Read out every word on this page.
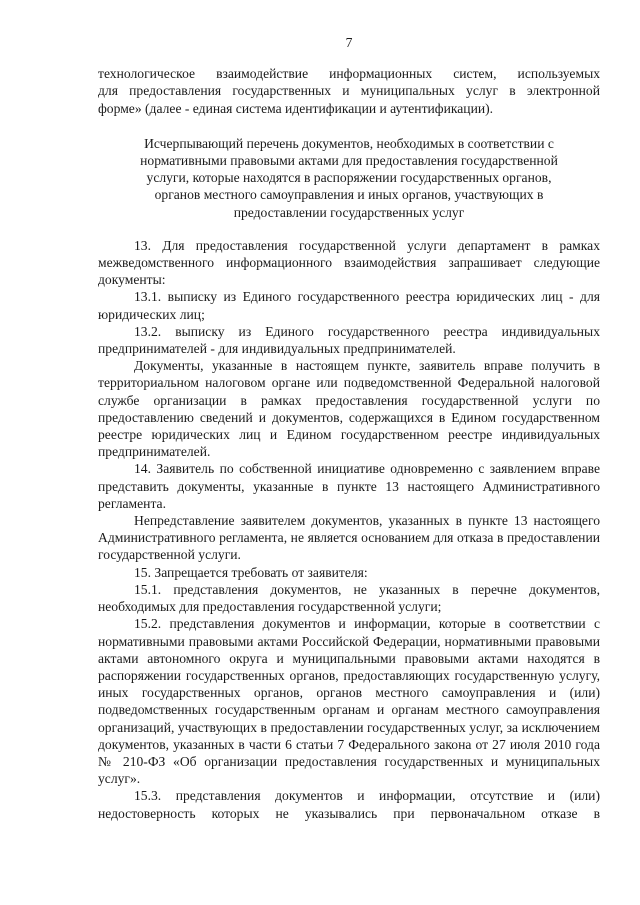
7

технологическое взаимодействие информационных систем, используемых
для предоставления государственных и муниципальных услуг в электронной
форме» (далее - единая система идентификации и аутентификации).

Исчерпывающий перечень документов, необходимых в соответствии с
нормативными правовыми актами для предоставления государственной
услуги, которые находятся в распоряжении государственных органов,
органов местного самоуправления и иных органов, участвующих в
предоставлении государственных услуг

13. Для предоставления государственной услуги департамент в рамках межведомственного информационного взаимодействия запрашивает следующие документы:

13.1. выписку из Единого государственного реестра юридических лиц - для юридических лиц;

13.2. выписку из Единого государственного реестра индивидуальных предпринимателей - для индивидуальных предпринимателей.

Документы, указанные в настоящем пункте, заявитель вправе получить в территориальном налоговом органе или подведомственной Федеральной налоговой службе организации в рамках предоставления государственной услуги по предоставлению сведений и документов, содержащихся в Едином государственном реестре юридических лиц и Едином государственном реестре индивидуальных предпринимателей.

14. Заявитель по собственной инициативе одновременно с заявлением вправе представить документы, указанные в пункте 13 настоящего Административного регламента.

Непредставление заявителем документов, указанных в пункте 13 настоящего Административного регламента, не является основанием для отказа в предоставлении государственной услуги.

15. Запрещается требовать от заявителя:

15.1. представления документов, не указанных в перечне документов, необходимых для предоставления государственной услуги;

15.2. представления документов и информации, которые в соответствии с нормативными правовыми актами Российской Федерации, нормативными правовыми актами автономного округа и муниципальными правовыми актами находятся в распоряжении государственных органов, предоставляющих государственную услугу, иных государственных органов, органов местного самоуправления и (или) подведомственных государственным органам и органам местного самоуправления организаций, участвующих в предоставлении государственных услуг, за исключением документов, указанных в части 6 статьи 7 Федерального закона от 27 июля 2010 года № 210-ФЗ «Об организации предоставления государственных и муниципальных услуг».

15.3. представления документов и информации, отсутствие и (или) недостоверность которых не указывались при первоначальном отказе в
